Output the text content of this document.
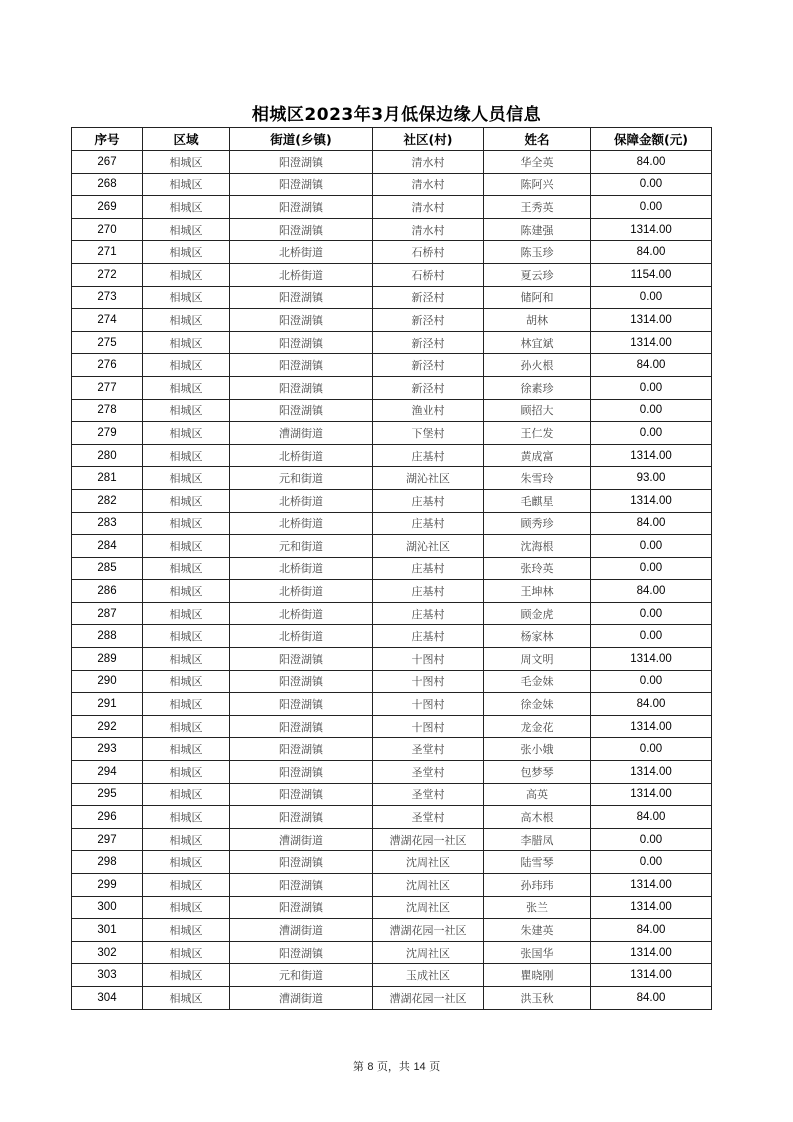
相城区2023年3月低保边缘人员信息
序号	区域	街道(乡镇)	社区(村)	姓名	保障金额(元)
267	相城区	阳澄湖镇	清水村	华全英	84.00
268	相城区	阳澄湖镇	清水村	陈阿兴	0.00
269	相城区	阳澄湖镇	清水村	王秀英	0.00
270	相城区	阳澄湖镇	清水村	陈建强	1314.00
271	相城区	北桥街道	石桥村	陈玉珍	84.00
272	相城区	北桥街道	石桥村	夏云珍	1154.00
273	相城区	阳澄湖镇	新泾村	储阿和	0.00
274	相城区	阳澄湖镇	新泾村	胡林	1314.00
275	相城区	阳澄湖镇	新泾村	林宜斌	1314.00
276	相城区	阳澄湖镇	新泾村	孙火根	84.00
277	相城区	阳澄湖镇	新泾村	徐素珍	0.00
278	相城区	阳澄湖镇	渔业村	顾招大	0.00
279	相城区	漕湖街道	下堡村	王仁发	0.00
280	相城区	北桥街道	庄基村	黄成富	1314.00
281	相城区	元和街道	湖沁社区	朱雪玲	93.00
282	相城区	北桥街道	庄基村	毛麒星	1314.00
283	相城区	北桥街道	庄基村	顾秀珍	84.00
284	相城区	元和街道	湖沁社区	沈海根	0.00
285	相城区	北桥街道	庄基村	张玲英	0.00
286	相城区	北桥街道	庄基村	王坤林	84.00
287	相城区	北桥街道	庄基村	顾金虎	0.00
288	相城区	北桥街道	庄基村	杨家林	0.00
289	相城区	阳澄湖镇	十图村	周文明	1314.00
290	相城区	阳澄湖镇	十图村	毛金妹	0.00
291	相城区	阳澄湖镇	十图村	徐金妹	84.00
292	相城区	阳澄湖镇	十图村	龙金花	1314.00
293	相城区	阳澄湖镇	圣堂村	张小娥	0.00
294	相城区	阳澄湖镇	圣堂村	包梦琴	1314.00
295	相城区	阳澄湖镇	圣堂村	高英	1314.00
296	相城区	阳澄湖镇	圣堂村	高木根	84.00
297	相城区	漕湖街道	漕湖花园一社区	李腊凤	0.00
298	相城区	阳澄湖镇	沈周社区	陆雪琴	0.00
299	相城区	阳澄湖镇	沈周社区	孙玮玮	1314.00
300	相城区	阳澄湖镇	沈周社区	张兰	1314.00
301	相城区	漕湖街道	漕湖花园一社区	朱建英	84.00
302	相城区	阳澄湖镇	沈周社区	张国华	1314.00
303	相城区	元和街道	玉成社区	瞿晓刚	1314.00
304	相城区	漕湖街道	漕湖花园一社区	洪玉秋	84.00
第 8 页，共 14 页
